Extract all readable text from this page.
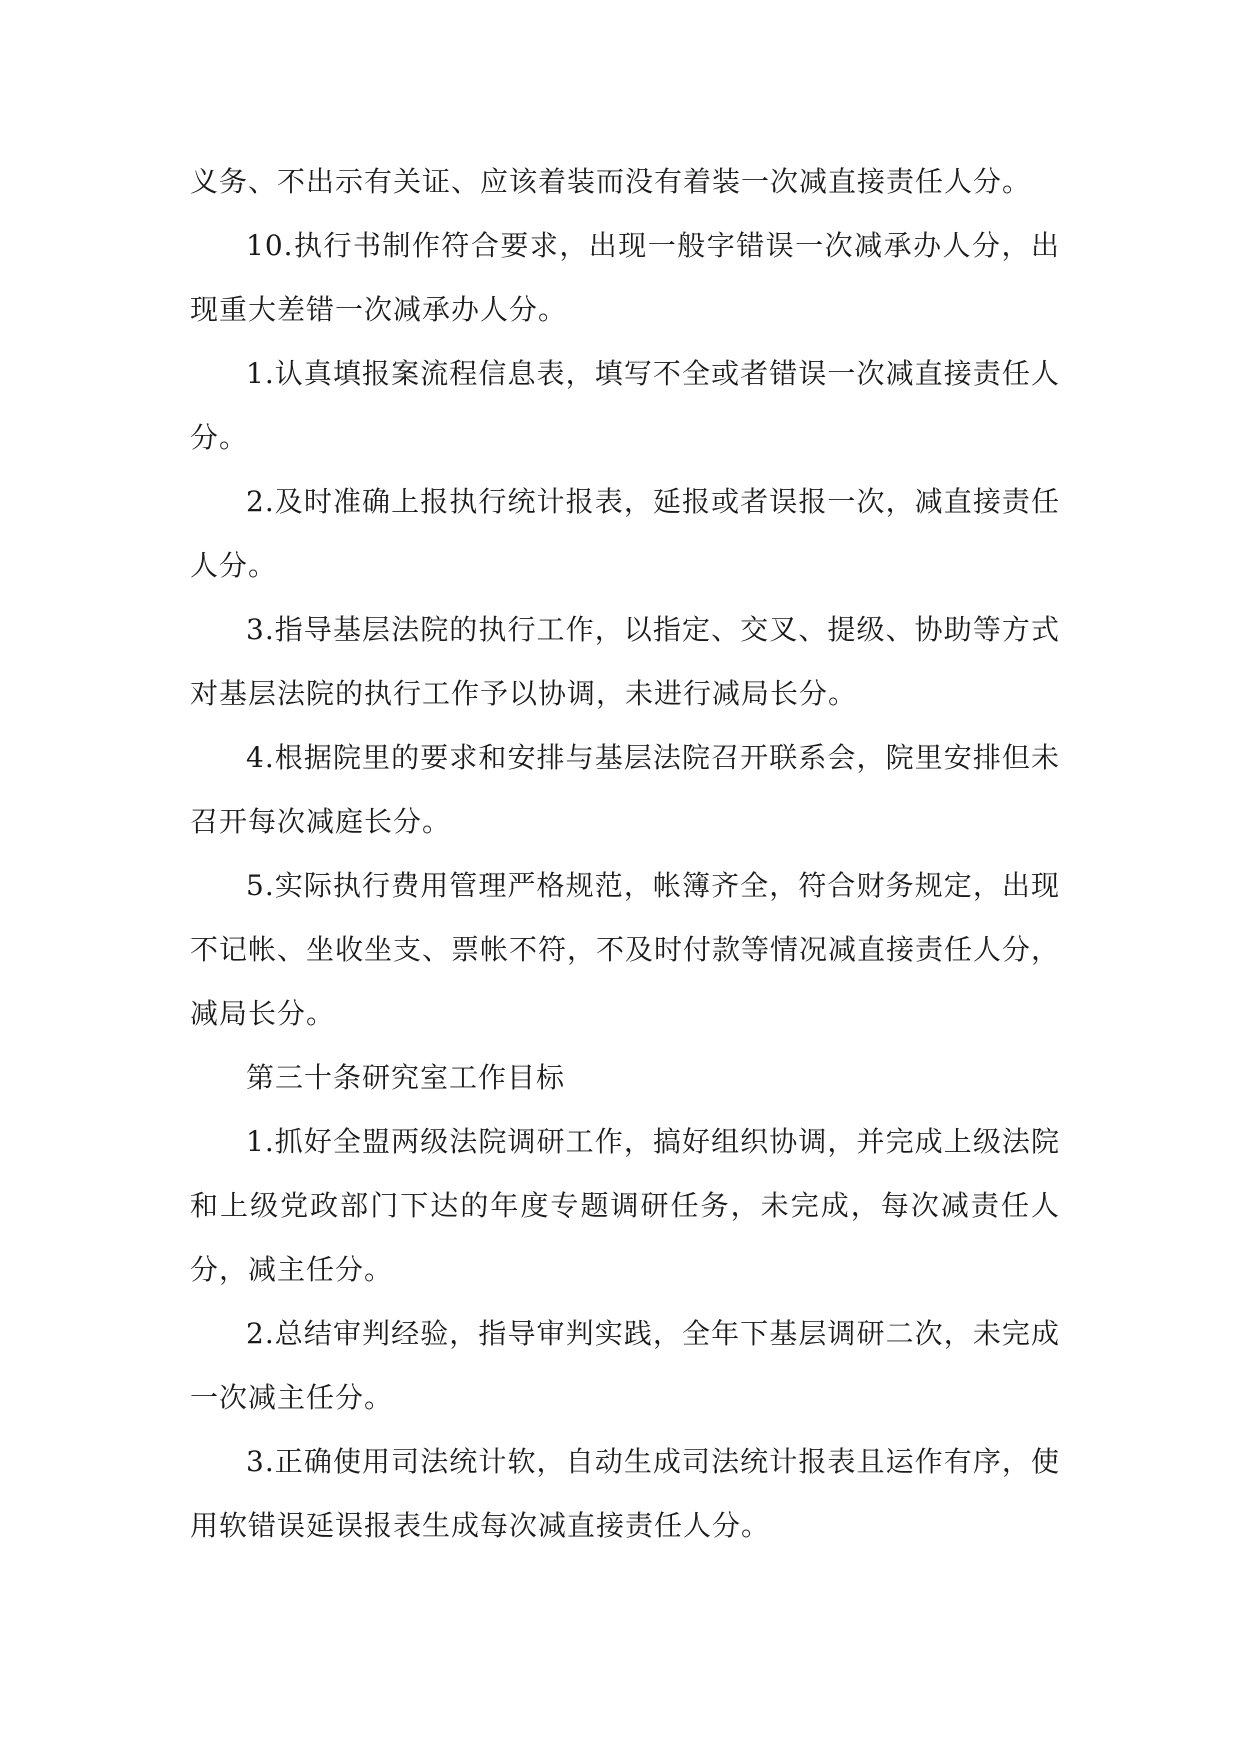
义务、不出示有关证、应该着装而没有着装一次减直接责任人分。

10.执行书制作符合要求，出现一般字错误一次减承办人分，出现重大差错一次减承办人分。

1.认真填报案流程信息表，填写不全或者错误一次减直接责任人分。

2.及时准确上报执行统计报表，延报或者误报一次，减直接责任人分。

3.指导基层法院的执行工作，以指定、交叉、提级、协助等方式对基层法院的执行工作予以协调，未进行减局长分。

4.根据院里的要求和安排与基层法院召开联系会，院里安排但未召开每次减庭长分。

5.实际执行费用管理严格规范，帐簿齐全，符合财务规定，出现不记帐、坐收坐支、票帐不符，不及时付款等情况减直接责任人分，减局长分。

第三十条研究室工作目标

1.抓好全盟两级法院调研工作，搞好组织协调，并完成上级法院和上级党政部门下达的年度专题调研任务，未完成，每次减责任人分，减主任分。

2.总结审判经验，指导审判实践，全年下基层调研二次，未完成一次减主任分。

3.正确使用司法统计软，自动生成司法统计报表且运作有序，使用软错误延误报表生成每次减直接责任人分。
